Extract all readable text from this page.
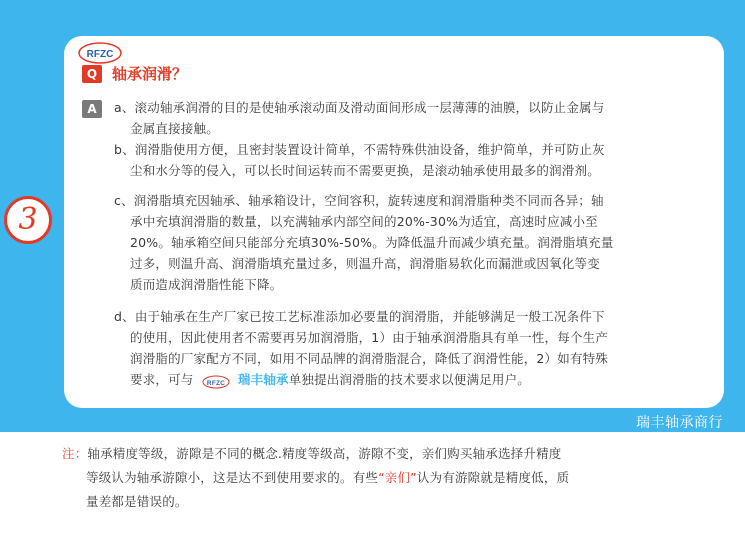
RFZC
Q 轴承润滑？
A	a、滚动轴承润滑的目的是使轴承滚动面及滑动面间形成一层薄薄的油膜，以防止金属与
金属直接接触。
b、润滑脂使用方便，且密封装置设计简单，不需特殊供油设备，维护简单，并可防止灰
尘和水分等的侵入，可以长时间运转而不需要更换，是滚动轴承使用最多的润滑剂。
c、润滑脂填充因轴承、轴承箱设计，空间容积，旋转速度和润滑脂种类不同而各异；轴
承中充填润滑脂的数量，以充满轴承内部空间的20%-30%为适宜，高速时应减小至
20%。轴承箱空间只能部分充填30%-50%。为降低温升而减少填充量。润滑脂填充量
过多，则温升高、润滑脂填充量过多，则温升高，润滑脂易软化而漏泄或因氧化等变
质而造成润滑脂性能下降。
d、由于轴承在生产厂家已按工艺标准添加必要量的润滑脂，并能够满足一般工况条件下
的使用，因此使用者不需要再另加润滑脂，1）由于轴承润滑脂具有单一性，每个生产
润滑脂的厂家配方不同，如用不同品牌的润滑脂混合，降低了润滑性能，2）如有特殊
要求，可与 RFZC 瑞丰轴承单独提出润滑脂的技术要求以便满足用户。
3
瑞丰轴承商行
注：轴承精度等级，游隙是不同的概念.精度等级高，游隙不变，亲们购买轴承选择升精度
等级认为轴承游隙小，这是达不到使用要求的。有些“亲们”认为有游隙就是精度低，质
量差都是错误的。
